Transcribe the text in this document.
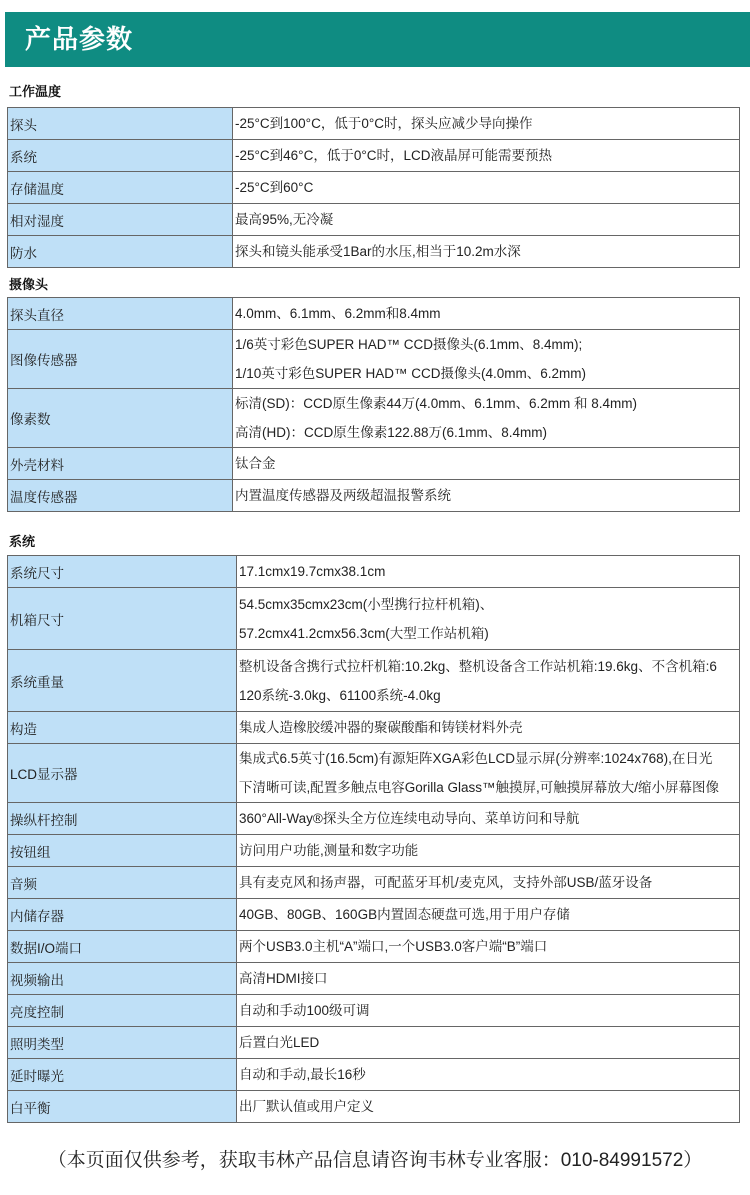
产品参数
工作温度
探头	-25°C到100°C，低于0°C时，探头应减少导向操作

系统	-25°C到46°C，低于0°C时，LCD液晶屏可能需要预热

存储温度	-25°C到60°C

相对湿度	最高95%,无冷凝

防水	探头和镜头能承受1Bar的水压,相当于10.2m水深
摄像头
探头直径	4.0mm、6.1mm、6.2mm和8.4mm

图像传感器	1/6英寸彩色SUPER HAD™ CCD摄像头(6.1mm、8.4mm);
1/10英寸彩色SUPER HAD™ CCD摄像头(4.0mm、6.2mm)

像素数	标清(SD)：CCD原生像素44万(4.0mm、6.1mm、6.2mm 和 8.4mm)
高清(HD)：CCD原生像素122.88万(6.1mm、8.4mm)

外壳材料	钛合金

温度传感器	内置温度传感器及两级超温报警系统
系统
系统尺寸	17.1cmx19.7cmx38.1cm

机箱尺寸	54.5cmx35cmx23cm(小型携行拉杆机箱)、
57.2cmx41.2cmx56.3cm(大型工作站机箱)

系统重量	整机设备含携行式拉杆机箱:10.2kg、整机设备含工作站机箱:19.6kg、不含机箱:6
120系统-3.0kg、61100系统-4.0kg

构造	集成人造橡胶缓冲器的聚碳酸酯和铸镁材料外壳

LCD显示器	集成式6.5英寸(16.5cm)有源矩阵XGA彩色LCD显示屏(分辨率:1024x768),在日光
下清晰可读,配置多触点电容Gorilla Glass™触摸屏,可触摸屏幕放大/缩小屏幕图像

操纵杆控制	360°All-Way®探头全方位连续电动导向、菜单访问和导航

按钮组	访问用户功能,测量和数字功能

音频	具有麦克风和扬声器，可配蓝牙耳机/麦克风，支持外部USB/蓝牙设备

内储存器	40GB、80GB、160GB内置固态硬盘可选,用于用户存储

数据I/O端口	两个USB3.0主机“A”端口,一个USB3.0客户端“B”端口

视频输出	高清HDMI接口

亮度控制	自动和手动100级可调

照明类型	后置白光LED

延时曝光	自动和手动,最长16秒

白平衡	出厂默认值或用户定义
（本页面仅供参考，获取韦林产品信息请咨询韦林专业客服：010-84991572）
